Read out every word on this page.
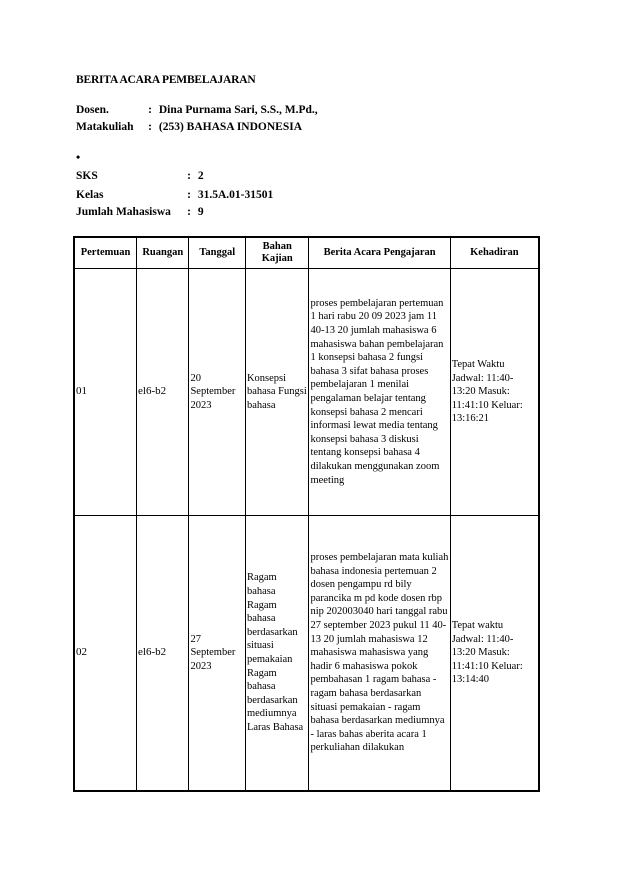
BERITA ACARA PEMBELAJARAN
Dosen.	: Dina Purnama Sari, S.S., M.Pd.,
Matakuliah : (253) BAHASA INDONESIA
•
SKS	: 2
Kelas	: 31.5A.01-31501
Jumlah Mahasiswa : 9
Pertemuan	Ruangan	Tanggal	Bahan Kajian	Berita Acara Pengajaran	Kehadiran

01	el6-b2	20 September 2023	Konsepsi bahasa Fungsi bahasa	proses pembelajaran pertemuan 1 hari rabu 20 09 2023 jam 11 40-13 20 jumlah mahasiswa 6 mahasiswa bahan pembelajaran 1 konsepsi bahasa 2 fungsi bahasa 3 sifat bahasa proses pembelajaran 1 menilai pengalaman belajar tentang konsepsi bahasa 2 mencari informasi lewat media tentang konsepsi bahasa 3 diskusi tentang konsepsi bahasa 4 dilakukan menggunakan zoom meeting	Tepat Waktu Jadwal: 11:40-13:20 Masuk: 11:41:10 Keluar: 13:16:21

02	el6-b2	27 September 2023	Ragam bahasa Ragam bahasa berdasarkan situasi pemakaian Ragam bahasa berdasarkan mediumnya Laras Bahasa	proses pembelajaran mata kuliah bahasa indonesia pertemuan 2 dosen pengampu rd bily parancika m pd kode dosen rbp nip 202003040 hari tanggal rabu 27 september 2023 pukul 11 40-13 20 jumlah mahasiswa 12 mahasiswa mahasiswa yang hadir 6 mahasiswa pokok pembahasan 1 ragam bahasa - ragam bahasa berdasarkan situasi pemakaian - ragam bahasa berdasarkan mediumnya - laras bahas aberita acara 1 perkuliahan dilakukan	Tepat waktu Jadwal: 11:40-13:20 Masuk: 11:41:10 Keluar: 13:14:40
